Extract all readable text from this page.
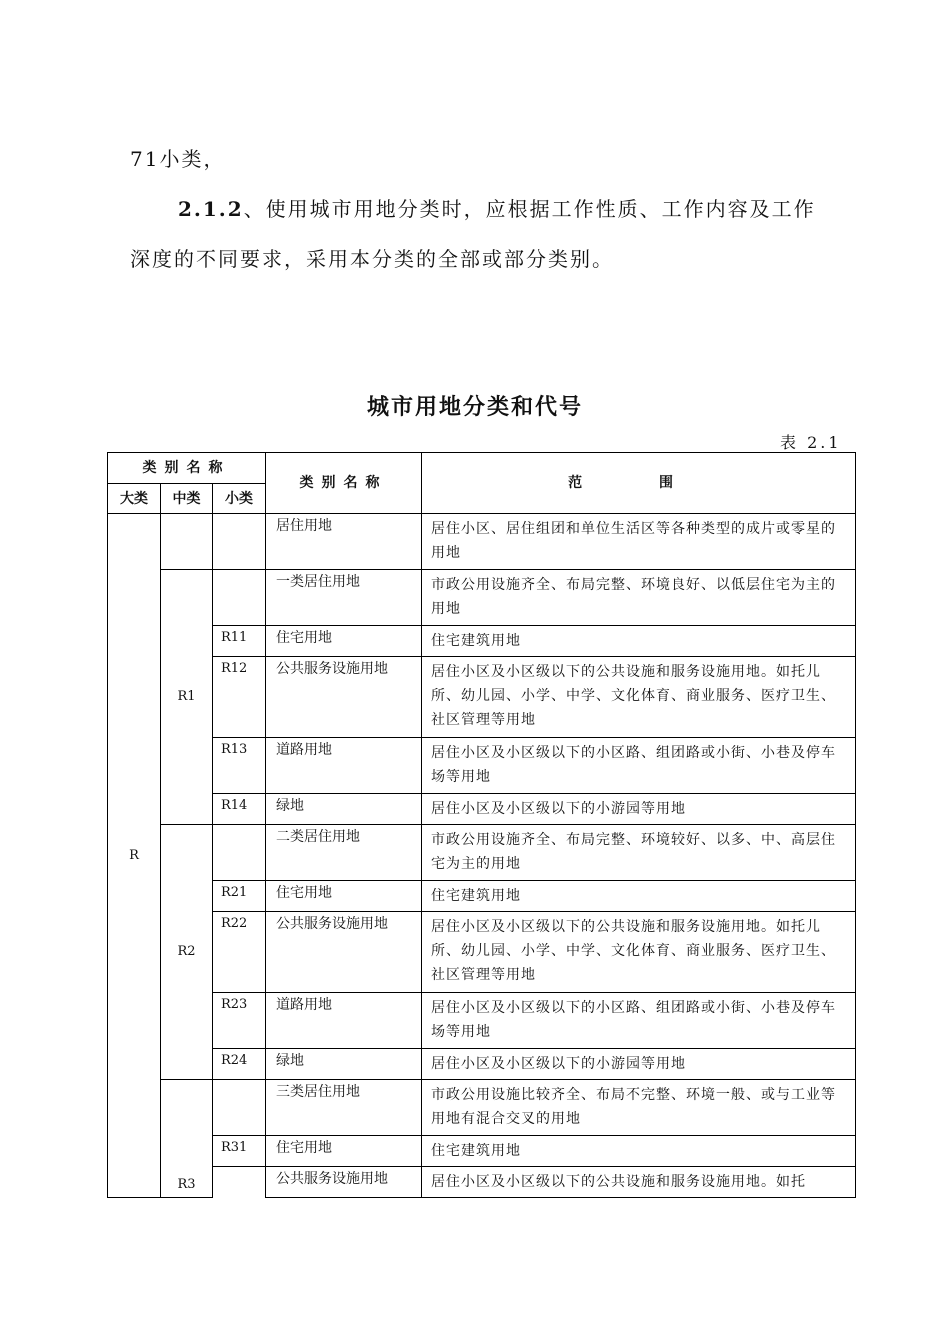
71小类，
2.1.2、使用城市用地分类时，应根据工作性质、工作内容及工作
深度的不同要求，采用本分类的全部或部分类别。
城市用地分类和代号
表 2.1
类别名称			类别名称	范 围
大类	中类	小类		
R			居住用地	居住小区、居住组团和单位生活区等各种类型的成片或零星的用地
	R1		一类居住用地	市政公用设施齐全、布局完整、环境良好、以低层住宅为主的用地
		R11	住宅用地	住宅建筑用地
		R12	公共服务设施用地	居住小区及小区级以下的公共设施和服务设施用地。如托儿所、幼儿园、小学、中学、文化体育、商业服务、医疗卫生、社区管理等用地
		R13	道路用地	居住小区及小区级以下的小区路、组团路或小街、小巷及停车场等用地
		R14	绿地	居住小区及小区级以下的小游园等用地
	R2		二类居住用地	市政公用设施齐全、布局完整、环境较好、以多、中、高层住宅为主的用地
		R21	住宅用地	住宅建筑用地
		R22	公共服务设施用地	居住小区及小区级以下的公共设施和服务设施用地。如托儿所、幼儿园、小学、中学、文化体育、商业服务、医疗卫生、社区管理等用地
		R23	道路用地	居住小区及小区级以下的小区路、组团路或小街、小巷及停车场等用地
		R24	绿地	居住小区及小区级以下的小游园等用地
	R3		三类居住用地	市政公用设施比较齐全、布局不完整、环境一般、或与工业等用地有混合交叉的用地
		R31	住宅用地	住宅建筑用地
			公共服务设施用地	居住小区及小区级以下的公共设施和服务设施用地。如托
